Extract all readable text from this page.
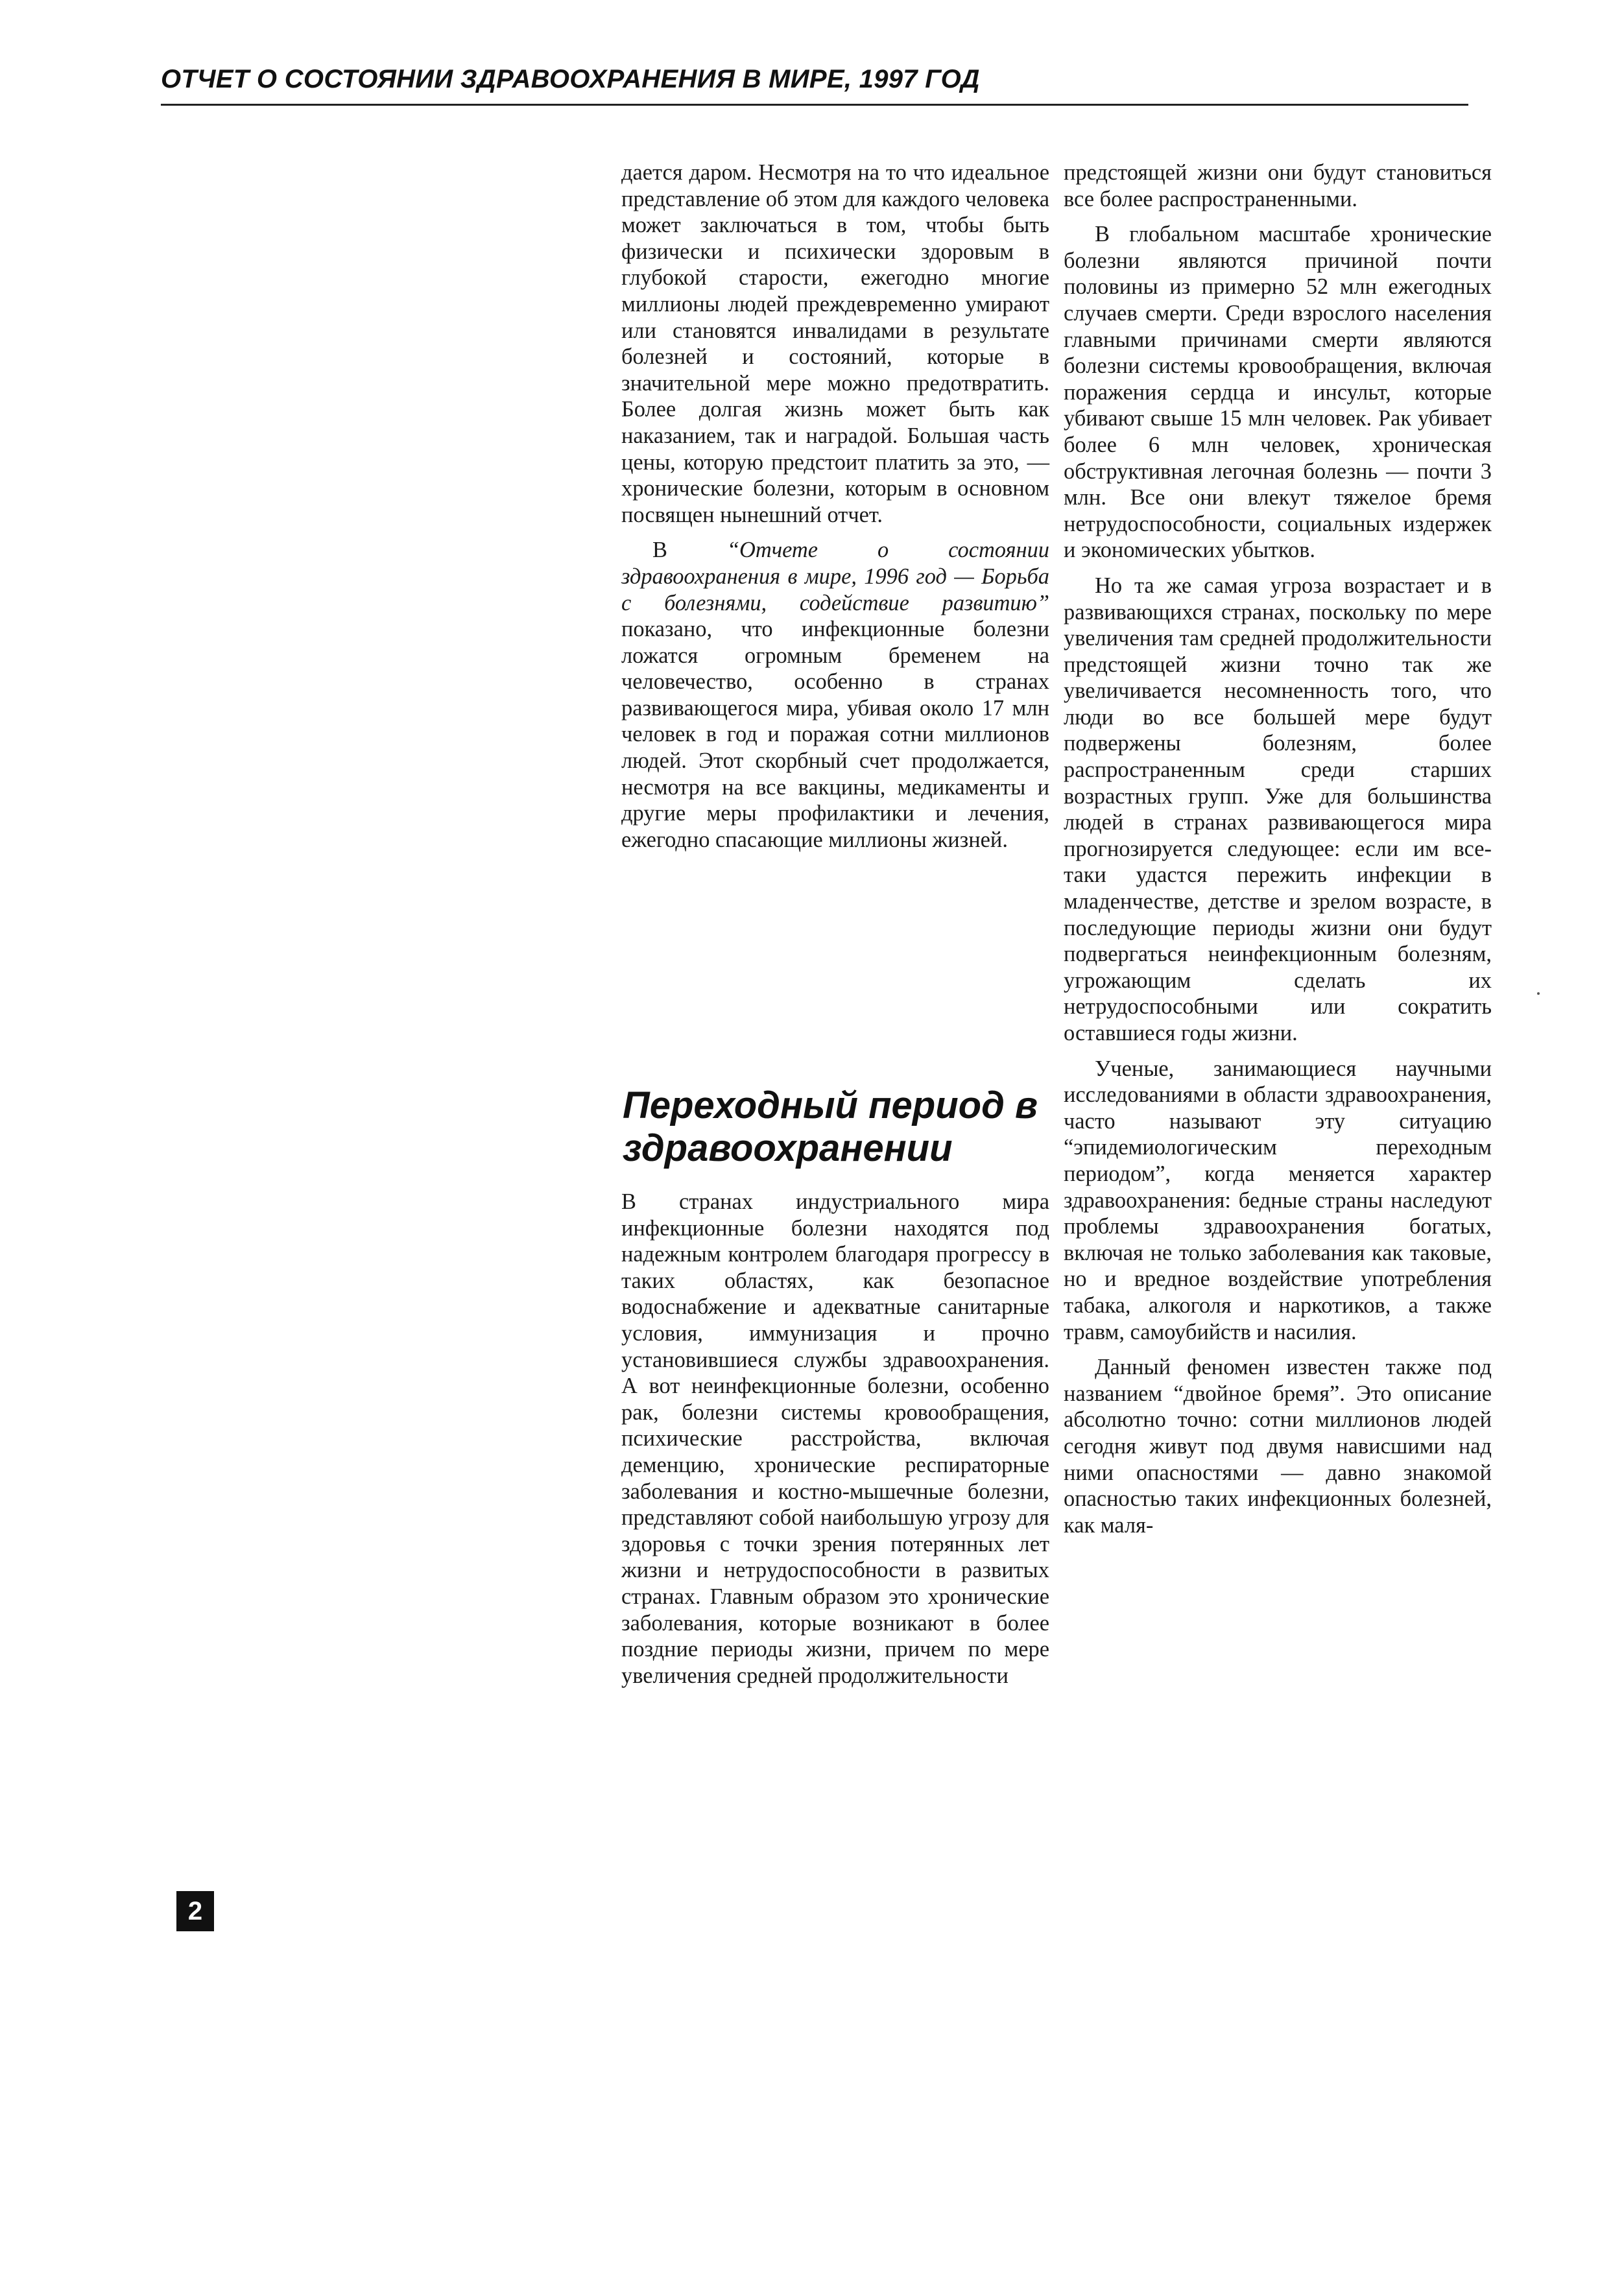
ОТЧЕТ О СОСТОЯНИИ ЗДРАВООХРАНЕНИЯ В МИРЕ, 1997 ГОД

дается даром. Несмотря на то что идеальное представление об этом для каждого человека может заключаться в том, чтобы быть физически и психически здоровым в глубокой старости, ежегодно многие миллионы людей преждевременно умирают или становятся инвалидами в результате болезней и состояний, которые в значительной мере можно предотвратить. Более долгая жизнь может быть как наказанием, так и наградой. Большая часть цены, которую предстоит платить за это, — хронические болезни, которым в основном посвящен нынешний отчет.

В “Отчете о состоянии здравоохранения в мире, 1996 год — Борьба с болезнями, содействие развитию” показано, что инфекционные болезни ложатся огромным бременем на человечество, особенно в странах развивающегося мира, убивая около 17 млн человек в год и поражая сотни миллионов людей. Этот скорбный счет продолжается, несмотря на все вакцины, медикаменты и другие меры профилактики и лечения, ежегодно спасающие миллионы жизней.

Переходный период в здравоохранении

В странах индустриального мира инфекционные болезни находятся под надежным контролем благодаря прогрессу в таких областях, как безопасное водоснабжение и адекватные санитарные условия, иммунизация и прочно установившиеся службы здравоохранения. А вот неинфекционные болезни, особенно рак, болезни системы кровообращения, психические расстройства, включая деменцию, хронические респираторные заболевания и костно-мышечные болезни, представляют собой наибольшую угрозу для здоровья с точки зрения потерянных лет жизни и нетрудоспособности в развитых странах. Главным образом это хронические заболевания, которые возникают в более поздние периоды жизни, причем по мере увеличения средней продолжительности

предстоящей жизни они будут становиться все более распространенными.

В глобальном масштабе хронические болезни являются причиной почти половины из примерно 52 млн ежегодных случаев смерти. Среди взрослого населения главными причинами смерти являются болезни системы кровообращения, включая поражения сердца и инсульт, которые убивают свыше 15 млн человек. Рак убивает более 6 млн человек, хроническая обструктивная легочная болезнь — почти 3 млн. Все они влекут тяжелое бремя нетрудоспособности, социальных издержек и экономических убытков.

Но та же самая угроза возрастает и в развивающихся странах, поскольку по мере увеличения там средней продолжительности предстоящей жизни точно так же увеличивается несомненность того, что люди во все большей мере будут подвержены болезням, более распространенным среди старших возрастных групп. Уже для большинства людей в странах развивающегося мира прогнозируется следующее: если им все-таки удастся пережить инфекции в младенчестве, детстве и зрелом возрасте, в последующие периоды жизни они будут подвергаться неинфекционным болезням, угрожающим сделать их нетрудоспособными или сократить оставшиеся годы жизни.

Ученые, занимающиеся научными исследованиями в области здравоохранения, часто называют эту ситуацию “эпидемиологическим переходным периодом”, когда меняется характер здравоохранения: бедные страны наследуют проблемы здравоохранения богатых, включая не только заболевания как таковые, но и вредное воздействие употребления табака, алкоголя и наркотиков, а также травм, самоубийств и насилия.

Данный феномен известен также под названием “двойное бремя”. Это описание абсолютно точно: сотни миллионов людей сегодня живут под двумя нависшими над ними опасностями — давно знакомой опасностью таких инфекционных болезней, как маля-

2
